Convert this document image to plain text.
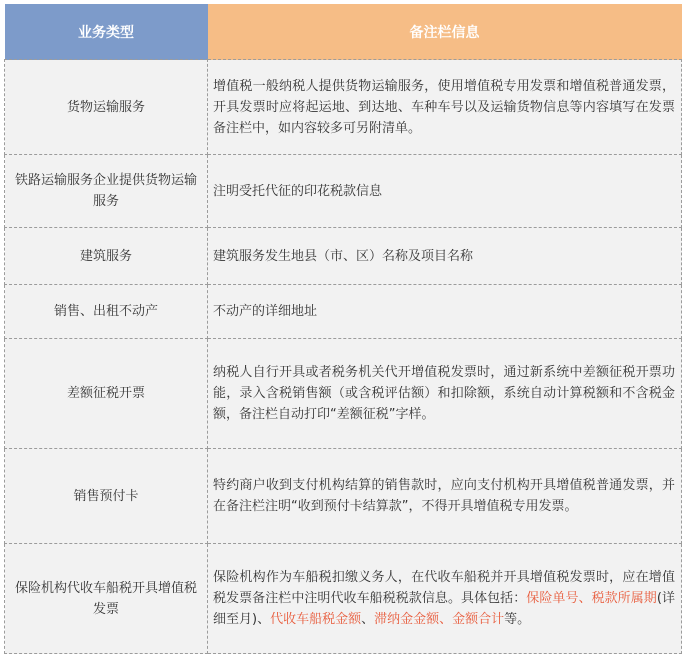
业务类型	备注栏信息
货物运输服务	增值税一般纳税人提供货物运输服务，使用增值税专用发票和增值税普通发票，开具发票时应将起运地、到达地、车种车号以及运输货物信息等内容填写在发票备注栏中，如内容较多可另附清单。
铁路运输服务企业提供货物运输服务	注明受托代征的印花税款信息
建筑服务	建筑服务发生地县（市、区）名称及项目名称
销售、出租不动产	不动产的详细地址
差额征税开票	纳税人自行开具或者税务机关代开增值税发票时，通过新系统中差额征税开票功能，录入含税销售额（或含税评估额）和扣除额，系统自动计算税额和不含税金额，备注栏自动打印“差额征税”字样。
销售预付卡	特约商户收到支付机构结算的销售款时，应向支付机构开具增值税普通发票，并在备注栏注明“收到预付卡结算款”，不得开具增值税专用发票。
保险机构代收车船税开具增值税发票	保险机构作为车船税扣缴义务人，在代收车船税并开具增值税发票时，应在增值税发票备注栏中注明代收车船税税款信息。具体包括：保险单号、税款所属期(详细至月)、代收车船税金额、滞纳金金额、金额合计等。
